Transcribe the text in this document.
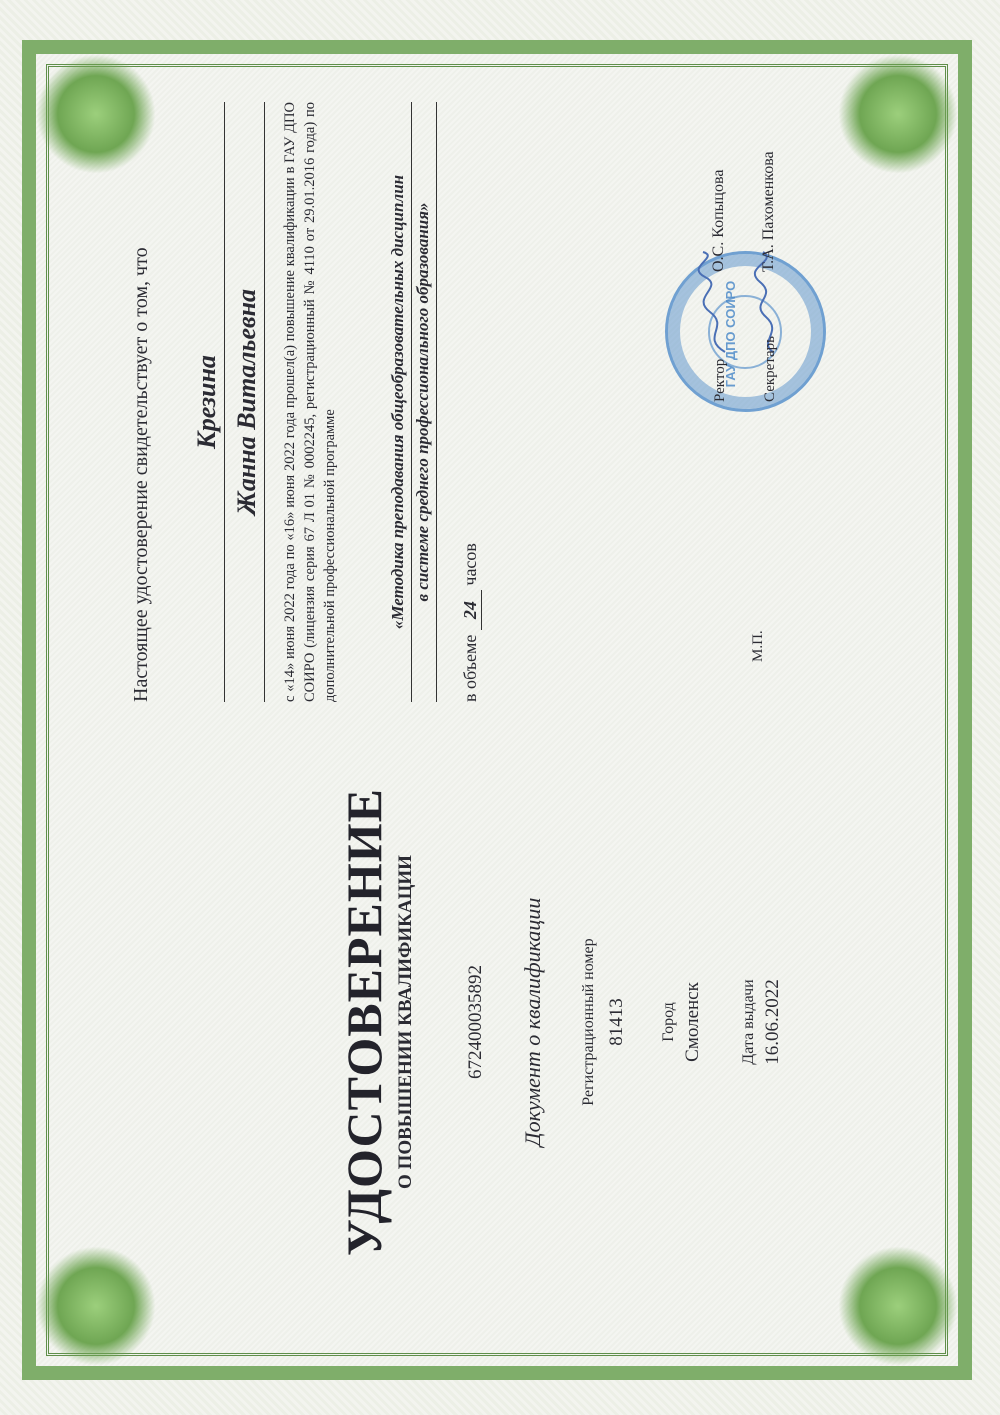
УДОСТОВЕРЕНИЕ О ПОВЫШЕНИИ КВАЛИФИКАЦИИ	672400035892 Документ о квалификации Регистрационный номер 81413 Город Смоленск Дата выдачи 16.06.2022
Настоящее удостоверение свидетельствует о том, что Крезина Жанна Витальевна с «14» июня 2022 года по «16» июня 2022 года прошел(а) повышение квалификации в ГАУ ДПО СОИРО (лицензия серия 67 Л 01 № 0002245, регистрационный № 4110 от 29.01.2016 года) по дополнительной профессиональной программе	«Методика преподавания общеобразовательных дисциплин в системе среднего профессионального образования»
в объеме 24 часов
ГАУ ДПО СОИРО
М.П.
Ректор
О.С. Копыцова
Секретарь
Т.А. Пахоменкова
